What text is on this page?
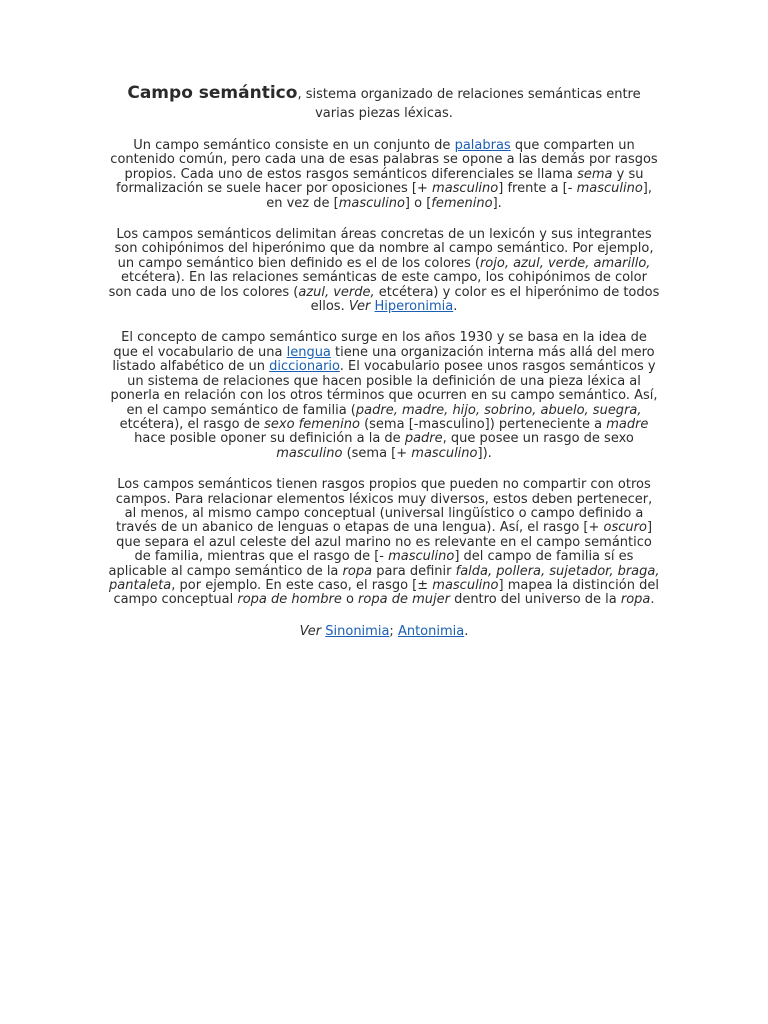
Campo semántico, sistema organizado de relaciones semánticas entre varias piezas léxicas.

Un campo semántico consiste en un conjunto de palabras que comparten un contenido común, pero cada una de esas palabras se opone a las demás por rasgos propios. Cada uno de estos rasgos semánticos diferenciales se llama sema y su formalización se suele hacer por oposiciones [+ masculino] frente a [- masculino], en vez de [masculino] o [femenino].

Los campos semánticos delimitan áreas concretas de un lexicón y sus integrantes son cohipónimos del hiperónimo que da nombre al campo semántico. Por ejemplo, un campo semántico bien definido es el de los colores (rojo, azul, verde, amarillo, etcétera). En las relaciones semánticas de este campo, los cohipónimos de color son cada uno de los colores (azul, verde, etcétera) y color es el hiperónimo de todos ellos. Ver Hiperonimia.

El concepto de campo semántico surge en los años 1930 y se basa en la idea de que el vocabulario de una lengua tiene una organización interna más allá del mero listado alfabético de un diccionario. El vocabulario posee unos rasgos semánticos y un sistema de relaciones que hacen posible la definición de una pieza léxica al ponerla en relación con los otros términos que ocurren en su campo semántico. Así, en el campo semántico de familia (padre, madre, hijo, sobrino, abuelo, suegra, etcétera), el rasgo de sexo femenino (sema [-masculino]) perteneciente a madre hace posible oponer su definición a la de padre, que posee un rasgo de sexo masculino (sema [+ masculino]).

Los campos semánticos tienen rasgos propios que pueden no compartir con otros campos. Para relacionar elementos léxicos muy diversos, estos deben pertenecer, al menos, al mismo campo conceptual (universal lingüístico o campo definido a través de un abanico de lenguas o etapas de una lengua). Así, el rasgo [+ oscuro] que separa el azul celeste del azul marino no es relevante en el campo semántico de familia, mientras que el rasgo de [- masculino] del campo de familia sí es aplicable al campo semántico de la ropa para definir falda, pollera, sujetador, braga, pantaleta, por ejemplo. En este caso, el rasgo [± masculino] mapea la distinción del campo conceptual ropa de hombre o ropa de mujer dentro del universo de la ropa.

Ver Sinonimia; Antonimia.
